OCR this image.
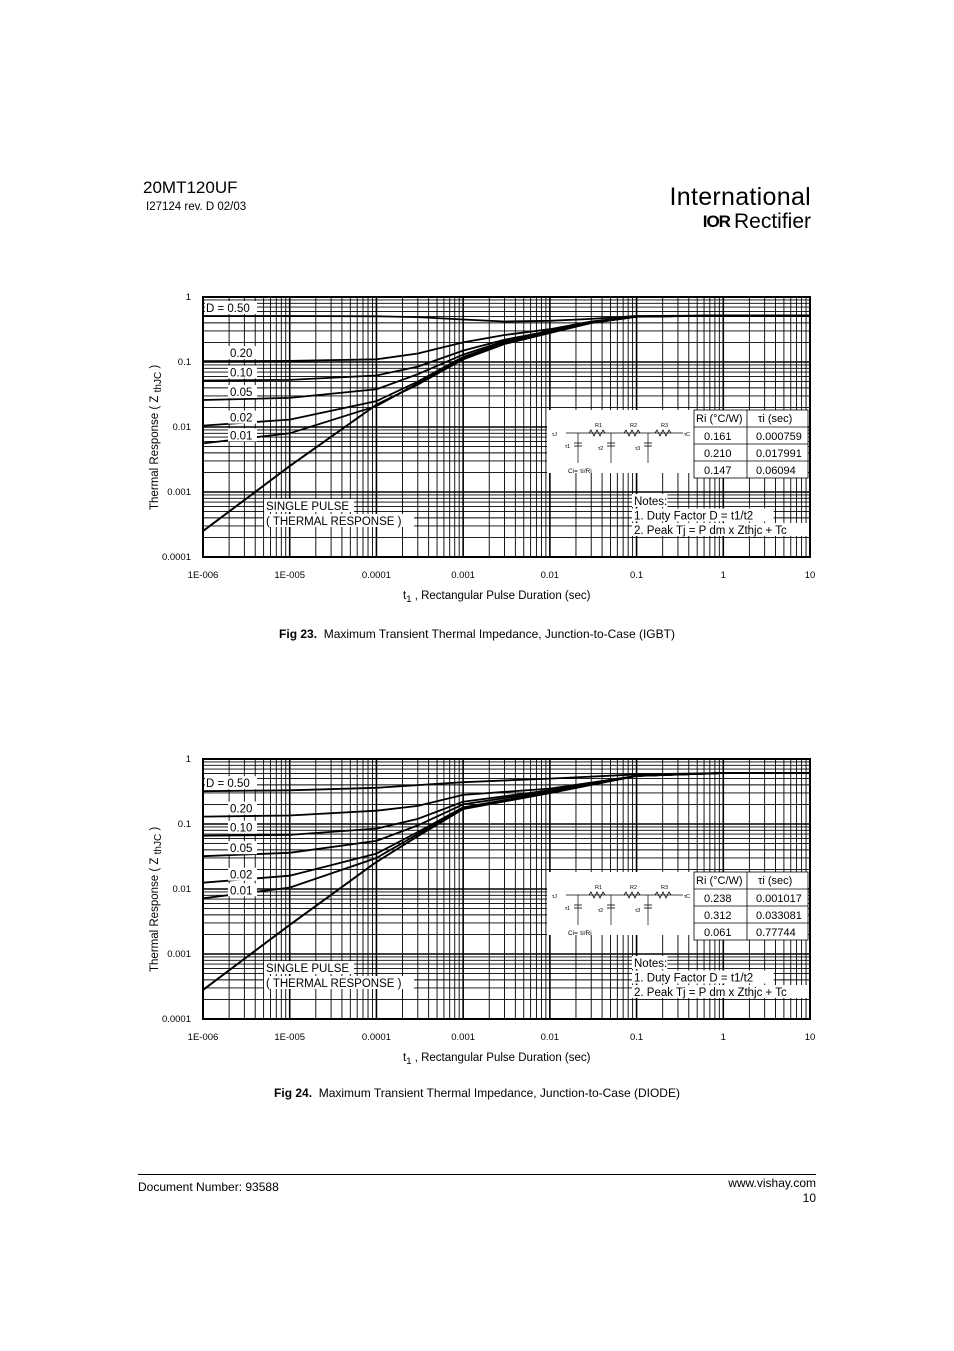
20MT120UF
I27124 rev. D 02/03	International
IOR Rectifier
1E-006	1E-005	0.0001	0.001	0.01	0.1	1	10
1
0.1
0.01
0.001
0.0001
$t_1$ , Rectangular Pulse Duration (sec)
Thermal Response ( Z thJC )
D = 0.50
0.20
0.10
0.05
0.02
0.01
SINGLE PULSE
( THERMAL RESPONSE )
τJ	τC
R1	R2	R3
τ1	τ2	τ3
Ci= τi/Ri
Ri (°C/W) τi (sec)
0.161 0.000759
0.210 0.017991
0.147 0.06094
Notes:
1. Duty Factor D = t1/t2
2. Peak Tj = P dm x Zthjc + Tc
Fig 23. Maximum Transient Thermal Impedance, Junction-to-Case (IGBT)
1E-006	1E-005	0.0001	0.001	0.01	0.1	1	10
1
0.1
0.01
0.001
0.0001
$t_1$ , Rectangular Pulse Duration (sec)
Thermal Response ( Z thJC )
D = 0.50
0.20
0.10
0.05
0.02
0.01
SINGLE PULSE
( THERMAL RESPONSE )
τJ	τC
R1	R2	R3
τ1	τ2	τ3
Ci= τi/Ri
Ri (°C/W) τi (sec)
0.238 0.001017
0.312 0.033081
0.061 0.77744
Notes:
1. Duty Factor D = t1/t2
2. Peak Tj = P dm x Zthjc + Tc
Fig 24. Maximum Transient Thermal Impedance, Junction-to-Case (DIODE)
Document Number: 93588	www.vishay.com
10
